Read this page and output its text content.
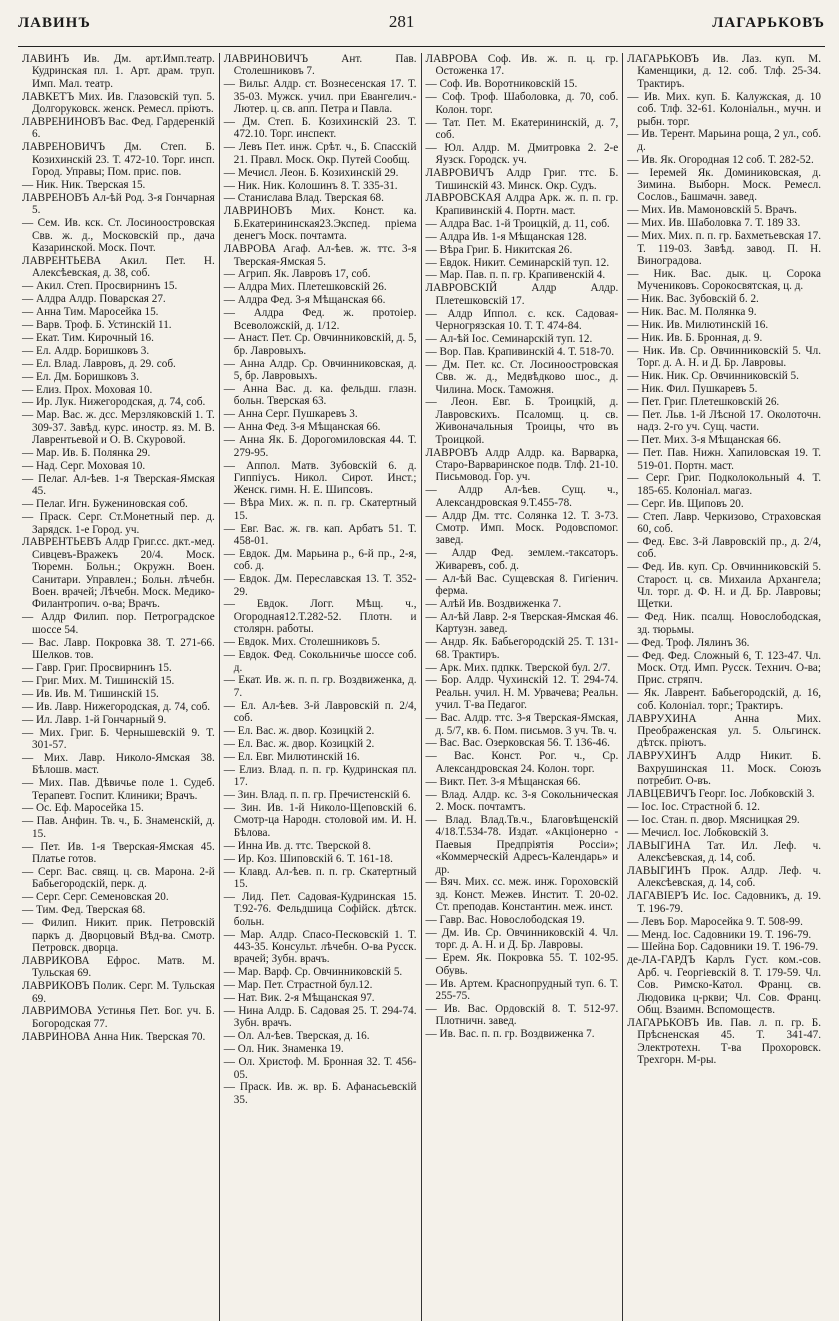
ЛАВИНЪ	281	ЛАГАРЬКОВЪ
ЛАВИНЪ Ив. Дм. арт.Имп.театр. Кудринская пл. 1. Арт. драм. труп. Имп. Мал. театр.
ЛАВКЕТЪ Мих. Ив. Глазовскій туп. 5. Долгоруковск. женск. Ремесл. пріютъ.
ЛАВРЕНИНОВЪ Вас. Фед. Гардеренкій 6.
ЛАВРЕНОВИЧЪ Дм. Степ. Б. Козихинскій 23. Т. 472-10. Торг. инсп. Город. Управы; Пом. прис. пов.
— Ник. Ник. Тверская 15.
ЛАВРЕНОВЪ Ал-ѣй Род. 3-я Гончарная 5.
— Сем. Ив. кск. Ст. Лосиноостровская Свв. ж. д., Московскій пр., дача Казаринской. Моск. Почт.
ЛАВРЕНТЬЕВА Акил. Пет. Н. Алексѣевская, д. 38, соб.
— Акил. Степ. Просвирнинъ 15.
— Алдра Алдр. Поварская 27.
— Анна Тим. Маросейка 15.
— Варв. Троф. Б. Устинскій 11.
— Екат. Тим. Кирочный 16.
— Ел. Алдр. Боришковъ 3.
— Ел. Влад. Лавровъ, д. 29. соб.
— Ел. Дм. Боришковъ 3.
— Елиз. Прох. Моховая 10.
— Ир. Лук. Нижегородская, д. 74, соб.
— Мар. Вас. ж. дсс. Мерзляковскій 1. Т. 309-37. Завѣд. курс. иностр. яз. М. В. Лаврентьевой и О. В. Скуровой.
— Мар. Ив. Б. Полянка 29.
— Над. Серг. Моховая 10.
— Пелаг. Ал-ѣев. 1-я Тверская-Ямская 45.
— Пелаг. Игн. Бужениновская соб.
— Праск. Серг. Ст.Монетный пер. д. Зарядск. 1-е Город. уч.
ЛАВРЕНТЬЕВЪ Алдр Григ.сс. дкт.-мед. Сивцевъ-Вражекъ 20/4. Моск. Тюремн. Больн.; Окружн. Воен. Санитари. Управлен.; Больн. лѣчебн. Воен. врачей; Лѣчебн. Моск. Медико-Филантропич. о-ва; Врачъ.
— Алдр Филип. пор. Петроградское шоссе 54.
— Вас. Лавр. Покровка 38. Т. 271-66. Шелков. тов.
— Гавр. Григ. Просвирнинъ 15.
— Григ. Мих. М. Тишинскій 15.
— Ив. Ив. М. Тишинскій 15.
— Ив. Лавр. Нижегородская, д. 74, соб.
— Ил. Лавр. 1-й Гончарный 9.
— Мих. Григ. Б. Чернышевскій 9. Т. 301-57.
— Мих. Лавр. Николо-Ямская 38. Бѣлошв. маст.
— Мих. Пав. Дѣвичье поле 1. Судеб. Терапевт. Госпит. Клиники; Врачъ.
— Ос. Еф. Маросейка 15.
— Пав. Анфин. Тв. ч., Б. Знаменскій, д. 15.
— Пет. Ив. 1-я Тверская-Ямская 45. Платье готов.
— Серг. Вас. свящ. ц. св. Марона. 2-й Бабьегородскій, перк. д.
— Серг. Серг. Семеновская 20.
— Тим. Фед. Тверская 68.
— Филип. Никит. прик. Петровскій паркъ д. Дворцовый Вѣд-ва. Смотр. Петровск. дворца.
ЛАВРИКОВА Ефрос. Матв. М. Тульская 69.
ЛАВРИКОВЪ Полик. Серг. М. Тульская 69.
ЛАВРИМОВА Устинья Пет. Бог. уч. Б. Богородская 77.
ЛАВРИНОВА Анна Ник. Тверская 70.
ЛАВРИНОВИЧЪ Ант. Пав. Столешниковъ 7.
— Вильг. Алдр. ст. Вознесенская 17. Т. 35-03. Мужск. учил. при Евангелич.-Лютер. ц. св. апп. Петра и Павла.
— Дм. Степ. Б. Козихинскій 23. Т. 472.10. Торг. инспект.
— Левъ Пет. инж. Срѣт. ч., Б. Спасскій 21. Правл. Моск. Окр. Путей Сообщ.
— Мечисл. Леон. Б. Козихинскій 29.
— Ник. Ник. Колошинъ 8. Т. 335-31.
— Станислава Влад. Тверская 68.
ЛАВРИНОВЪ Мих. Конст. ка. Б.Екатерининская23.Экспед. пріема денегъ Моск. почтамта.
ЛАВРОВА Агаф. Ал-ѣев. ж. ттс. 3-я Тверская-Ямская 5.
— Агрип. Як. Лавровъ 17, соб.
— Алдра Мих. Плетешковскій 26.
— Алдра Фед. 3-я Мѣщанская 66.
— Алдра Фед. ж. протоіер. Всеволожскій, д. 1/12.
— Анаст. Пет. Ср. Овчинниковскій, д. 5, бр. Лавровыхъ.
— Анна Алдр. Ср. Овчинниковская, д. 5, бр. Лавровыхъ.
— Анна Вас. д. ка. фельдш. глазн. больн. Тверская 63.
— Анна Серг. Пушкаревъ 3.
— Анна Фед. 3-я Мѣщанская 66.
— Анна Як. Б. Дорогомиловская 44. Т. 279-95.
— Аппол. Матв. Зубовскій 6. д. Гиппіусъ. Никол. Сирот. Инст.; Женск. гимн. Н. Е. Шипсовъ.
— Вѣра Мих. ж. п. п. гр. Скатертный 15.
— Евг. Вас. ж. гв. кап. Арбатъ 51. Т. 458-01.
— Евдок. Дм. Марьина р., 6-й пр., 2-я, соб. д.
— Евдок. Дм. Переславская 13. Т. 352-29.
— Евдок. Логг. Мѣщ. ч., Огородная12.Т.282-52. Плотн. и столярн. работы.
— Евдок. Мих. Столешниковъ 5.
— Евдок. Фед. Сокольничье шоссе соб. д.
— Екат. Ив. ж. п. п. гр. Воздвиженка, д. 7.
— Ел. Ал-ѣев. 3-й Лавровскій п. 2/4, соб.
— Ел. Вас. ж. двор. Козицкій 2.
— Ел. Вас. ж. двор. Козицкій 2.
— Ел. Евг. Милютинскій 16.
— Елиз. Влад. п. п. гр. Кудринская пл. 17.
— Зин. Влад. п. п. гр. Пречистенскій 6.
— Зин. Ив. 1-й Николо-Щеповскій 6. Смотр-ца Народн. столовой им. И. Н. Бѣлова.
— Инна Ив. д. ттс. Тверской 8.
— Ир. Коз. Шиповскій 6. Т. 161-18.
— Клавд. Ал-ѣев. п. п. гр. Скатертный 15.
— Лид. Пет. Садовая-Кудринская 15. Т.92-76. Фельдшица Софійск. дѣтск. больн.
— Мар. Алдр. Спасо-Песковскій 1. Т. 443-35. Консульт. лѣчебн. О-ва Русск. врачей; Зубн. врачъ.
— Мар. Варф. Ср. Овчинниковскій 5.
— Мар. Пет. Страстной бул.12.
— Нат. Вик. 2-я Мѣщанская 97.
— Нина Алдр. Б. Садовая 25. Т. 294-74. Зубн. врачъ.
— Ол. Ал-ѣев. Тверская, д. 16.
— Ол. Ник. Знаменка 19.
— Ол. Христоф. М. Бронная 32. Т. 456-05.
— Праск. Ив. ж. вр. Б. Афанасьевскій 35.
ЛАВРОВА Соф. Ив. ж. п. ц. гр. Остоженка 17.
— Соф. Ив. Воротниковскій 15.
— Соф. Троф. Шаболовка, д. 70, соб. Колон. торг.
— Тат. Пет. М. Екатерининскій, д. 7, соб.
— Юл. Алдр. М. Дмитровка 2. 2-е Яузск. Городск. уч.
ЛАВРОВИЧЪ Алдр Григ. ттс. Б. Тишинскій 43. Минск. Окр. Судъ.
ЛАВРОВСКАЯ Алдра Арк. ж. п. п. гр. Крапивинскій 4. Портн. маст.
— Алдра Вас. 1-й Троицкій, д. 11, соб.
— Алдра Ив. 1-я Мѣщанская 128.
— Вѣра Григ. Б. Никитская 26.
— Евдок. Никит. Семинарскій туп. 12.
— Мар. Пав. п. п. гр. Крапивенскій 4.
ЛАВРОВСКІЙ Алдр Алдр. Плетешковскій 17.
— Алдр Иппол. с. кск. Садовая-Черногрязская 10. Т. Т. 474-84.
— Ал-ѣй Іос. Семинарскій туп. 12.
— Вор. Пав. Крапивинскій 4. Т. 518-70.
— Дм. Пет. кс. Ст. Лосиноостровская Свв. ж. д., Медвѣдково шос., д. Чилина. Моск. Таможня.
— Леон. Евг. Б. Троицкій, д. Лавровскихъ. Псаломщ. ц. св. Живоначальныя Троицы, что въ Троицкой.
ЛАВРОВЪ Алдр Алдр. ка. Варварка, Старо-Варваринское подв. Тлф. 21-10. Письмовод. Гор. уч.
— Алдр Ал-ѣев. Сущ. ч., Александровская 9.Т.455-78.
— Алдр Дм. ттс. Солянка 12. Т. 3-73. Смотр. Имп. Моск. Родовспомог. завед.
— Алдр Фед. землем.-таксаторъ. Живаревъ, соб. д.
— Ал-ѣй Вас. Сущевская 8. Гигіенич. ферма.
— Алѣй Ив. Воздвиженка 7.
— Ал-ѣй Лавр. 2-я Тверская-Ямская 46. Картузн. завед.
— Андр. Як. Бабьегородскій 25. Т. 131-68. Трактиръ.
— Арк. Мих. пдпкк. Тверской бул. 2/7.
— Бор. Алдр. Чухинскій 12. Т. 294-74. Реальн. учил. Н. М. Урвачева; Реальн. учил. Т-ва Педагог.
— Вас. Алдр. ттс. 3-я Тверская-Ямская, д. 5/7, кв. 6. Пом. письмов. 3 уч. Тв. ч.
— Вас. Вас. Озерковская 56. Т. 136-46.
— Вас. Конст. Рог. ч., Ср. Александровская 24. Колон. торг.
— Викт. Пет. 3-я Мѣщанская 66.
— Влад. Алдр. кс. 3-я Сокольническая 2. Моск. почтамтъ.
— Влад. Влад.Тв.ч., Благовѣщенскій 4/18.Т.534-78. Издат. «Акціонерно - Паевыя Предпріятія Россіи»; «Коммерческій Адресъ-Календарь» и др.
— Вяч. Мих. сс. меж. инж. Гороховскій зд. Конст. Межев. Инстит. Т. 20-02. Ст. преподав. Константин. меж. инст.
— Гавр. Вас. Новослободская 19.
— Дм. Ив. Ср. Овчинниковскій 4. Чл. торг. д. А. Н. и Д. Бр. Лавровы.
— Ерем. Як. Покровка 55. Т. 102-95. Обувь.
— Ив. Артем. Краснопрудный туп. 6. Т. 255-75.
— Ив. Вас. Ордовскій 8. Т. 512-97. Плотничн. завед.
— Ив. Вас. п. п. гр. Воздвиженка 7.
ЛАГАРЬКОВЪ Ив. Лаз. куп. М. Каменщики, д. 12. соб. Тлф. 25-34. Трактиръ.
— Ив. Мих. куп. Б. Калужская, д. 10 соб. Тлф. 32-61. Колоніальн., мучн. и рыбн. торг.
— Ив. Терент. Марьина роща, 2 ул., соб. д.
— Ив. Як. Огородная 12 соб. Т. 282-52.
— Іеремей Як. Доминиковская, д. Зимина. Выборн. Моск. Ремесл. Сослов., Башмачн. завед.
— Мих. Ив. Мамоновскій 5. Врачъ.
— Мих. Ив. Шаболовка 7. Т. 189 33.
— Мих. Мих. п. п. гр. Бахметьевская 17. Т. 119-03. Завѣд. завод. П. Н. Виноградова.
— Ник. Вас. дык. ц. Сорока Мучениковъ. Сорокосвятская, ц. д.
— Ник. Вас. Зубовскій б. 2.
— Ник. Вас. М. Полянка 9.
— Ник. Ив. Милютинскій 16.
— Ник. Ив. Б. Бронная, д. 9.
— Ник. Ив. Ср. Овчинниковскій 5. Чл. Торг. д. А. Н. и Д. Бр. Лавровы.
— Ник. Ник. Ср. Овчинниковскій 5.
— Ник. Фил. Пушкаревъ 5.
— Пет. Григ. Плетешковскій 26.
— Пет. Льв. 1-й Лѣсной 17. Околоточн. надз. 2-го уч. Сущ. части.
— Пет. Мих. 3-я Мѣщанская 66.
— Пет. Пав. Нижн. Хапиловская 19. Т. 519-01. Портн. маст.
— Серг. Григ. Подколокольный 4. Т. 185-65. Колоніал. магаз.
— Серг. Ив. Щиповъ 20.
— Степ. Лавр. Черкизово, Страховская 60, соб.
— Фед. Евс. 3-й Лавровскій пр., д. 2/4, соб.
— Фед. Ив. куп. Ср. Овчинниковскій 5. Старост. ц. св. Михаила Архангела; Чл. торг. д. Ф. Н. и Д. Бр. Лавровы; Щетки.
— Фед. Ник. псалщ. Новослободская, зд. тюрьмы.
— Фед. Троф. Лялинъ 36.
— Фед. Фед. Сложный 6, Т. 123-47. Чл. Моск. Отд. Имп. Русск. Технич. О-ва; Прис. стряпч.
— Як. Лаврент. Бабьегородскій, д. 16, соб. Колоніал. торг.; Трактиръ.
ЛАВРУХИНА Анна Мих. Преображенская ул. 5. Ольгинск. дѣтск. пріютъ.
ЛАВРУХИНЪ Алдр Никит. Б. Вахрушинская 11. Моск. Союзъ потребит. О-въ.
ЛАВЦЕВИЧЪ Георг. Іос. Лобковскій 3.
— Іос. Іос. Страстной б. 12.
— Іос. Стан. п. двор. Мясницкая 29.
— Мечисл. Іос. Лобковскій 3.
ЛАВЫГИНА Тат. Ил. Леф. ч. Алексѣевская, д. 14, соб.
ЛАВЫГИНЪ Прок. Алдр. Леф. ч. Алексѣевская, д. 14, соб.
ЛАГАВІЕРЪ Ис. Іос. Садовникъ, д. 19. Т. 196-79.
— Левъ Бор. Маросейка 9. Т. 508-99.
— Менд. Іос. Садовники 19. Т. 196-79.
— Шейна Бор. Садовники 19. Т. 196-79.
де-ЛА-ГАРДЪ Карлъ Густ. ком.-сов. Арб. ч. Георгіевскій 8. Т. 179-59. Чл. Сов. Римско-Катол. Франц. св. Людовика ц-ркви; Чл. Сов. Франц. Общ. Взаимн. Вспомоществ.
ЛАГАРЬКОВЪ Ив. Пав. л. п. гр. Б. Прѣсненская 45. Т. 341-47. Электротехн. Т-ва Прохоровск. Трехгорн. М-ры.
